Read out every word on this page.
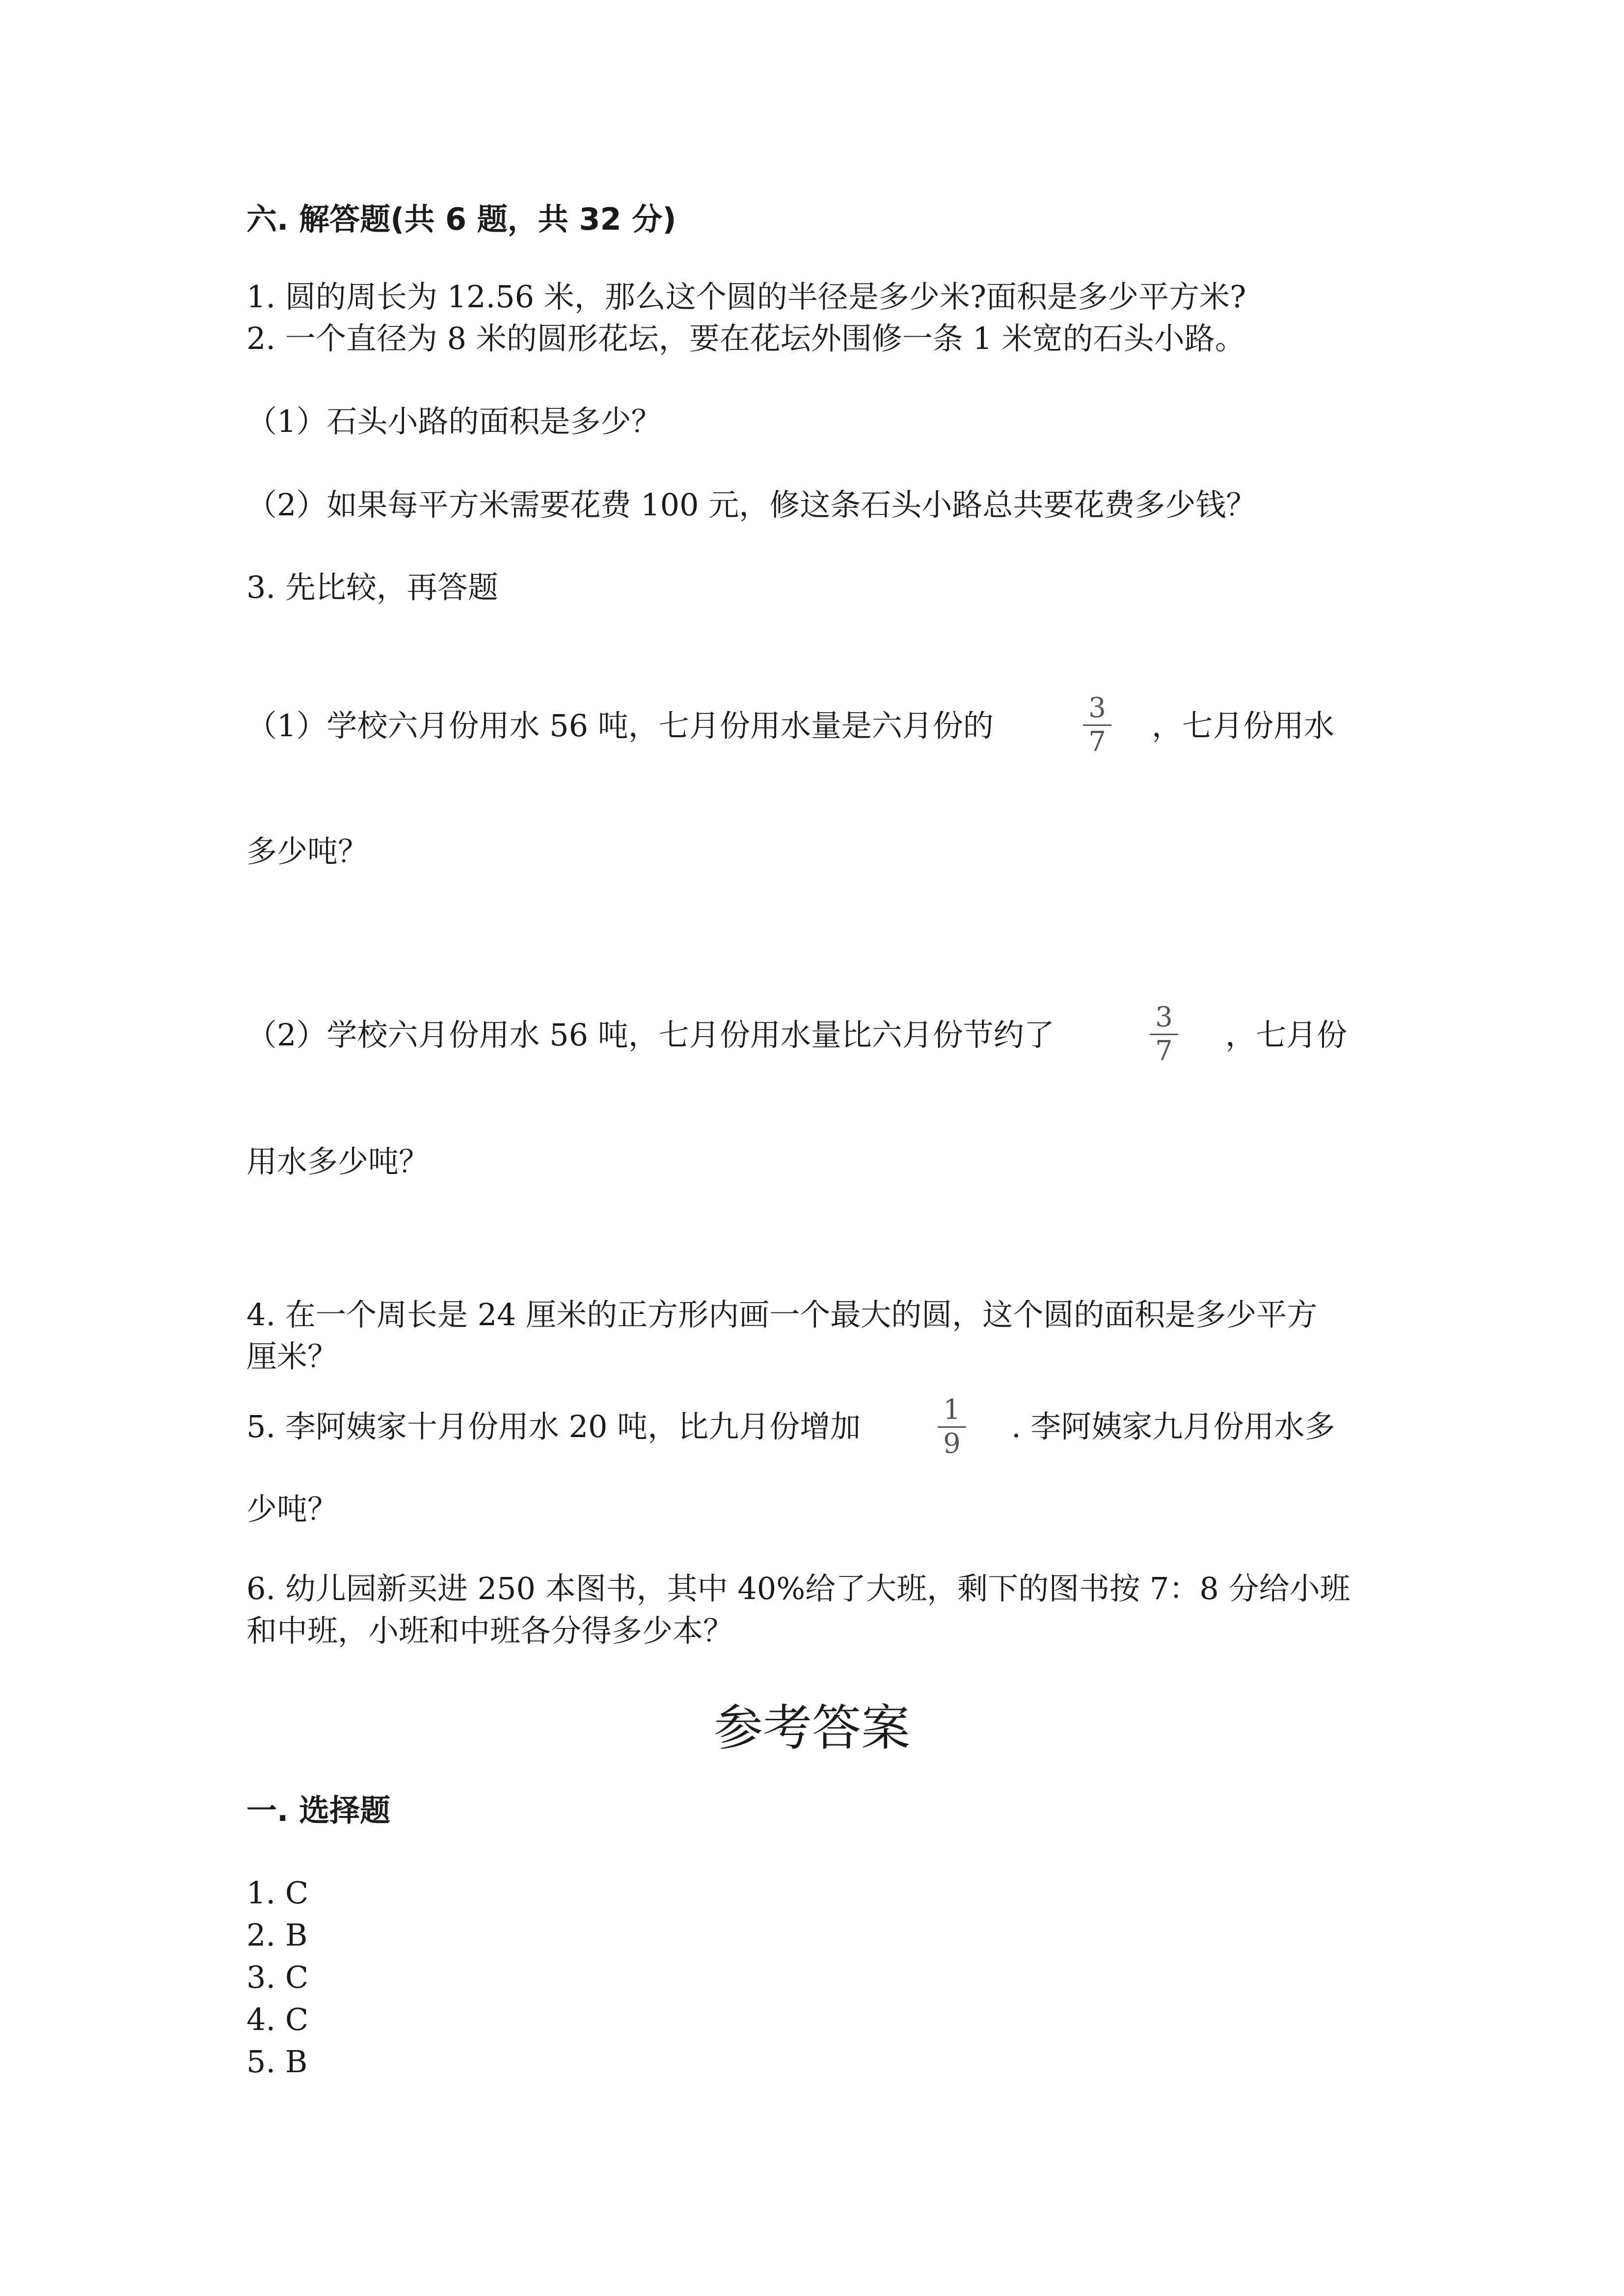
六. 解答题(共 6 题，共 32 分)
1. 圆的周长为 12.56 米，那么这个圆的半径是多少米?面积是多少平方米?
2. 一个直径为 8 米的圆形花坛，要在花坛外围修一条 1 米宽的石头小路。
（1）石头小路的面积是多少？
（2）如果每平方米需要花费 100 元，修这条石头小路总共要花费多少钱？
3. 先比较，再答题
（1）学校六月份用水 56 吨，七月份用水量是六月份的	3
7 ，七月份用水
多少吨？
（2）学校六月份用水 56 吨，七月份用水量比六月份节约了	3
7 ，七月份
用水多少吨？
4. 在一个周长是 24 厘米的正方形内画一个最大的圆，这个圆的面积是多少平方
厘米？
5. 李阿姨家十月份用水 20 吨，比九月份增加	1
9 . 李阿姨家九月份用水多
少吨？
6. 幼儿园新买进 250 本图书，其中 40%给了大班，剩下的图书按 7：8 分给小班
和中班，小班和中班各分得多少本？
参考答案
一. 选择题
1. C
2. B
3. C
4. C
5. B
